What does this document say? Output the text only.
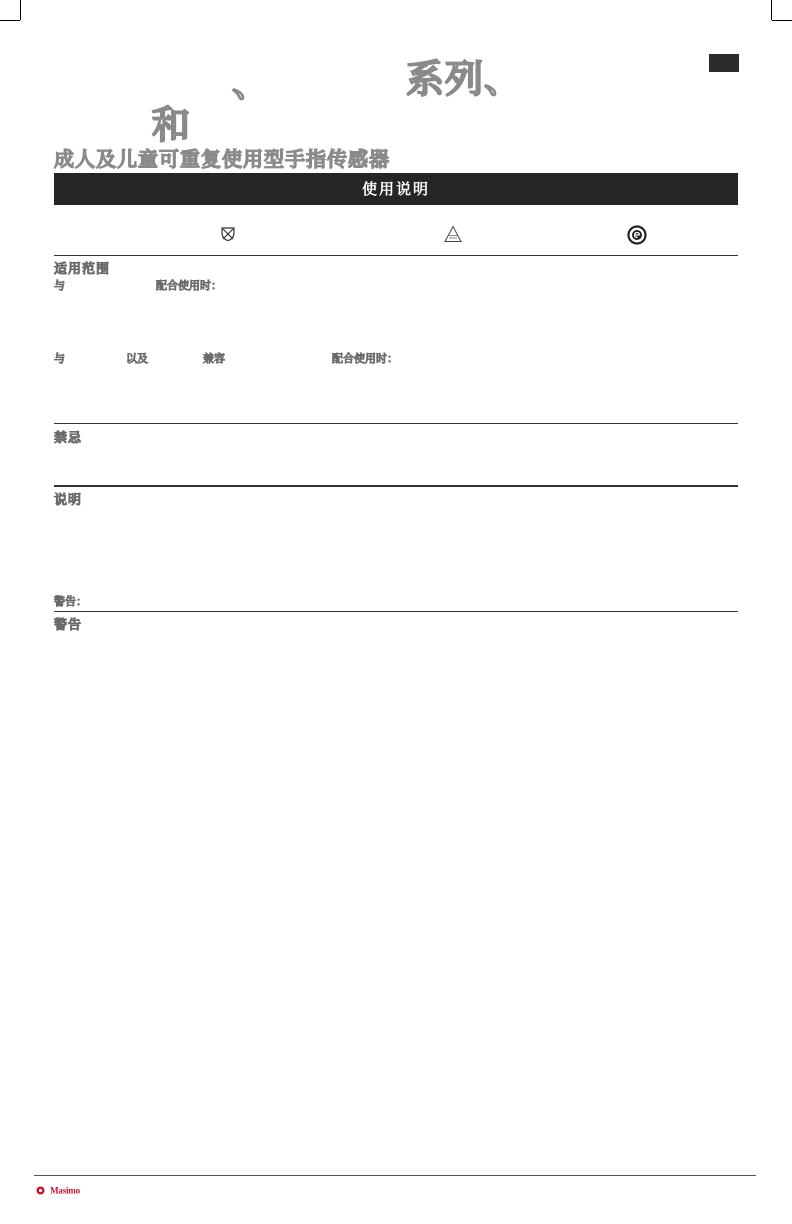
、	系列、
和
成人及儿童可重复使用型手指传感器
使用说明
适用范围
与	配合使用时：
与	以及	兼容	配合使用时：
禁忌
说明
警告：
警告
Masimo
